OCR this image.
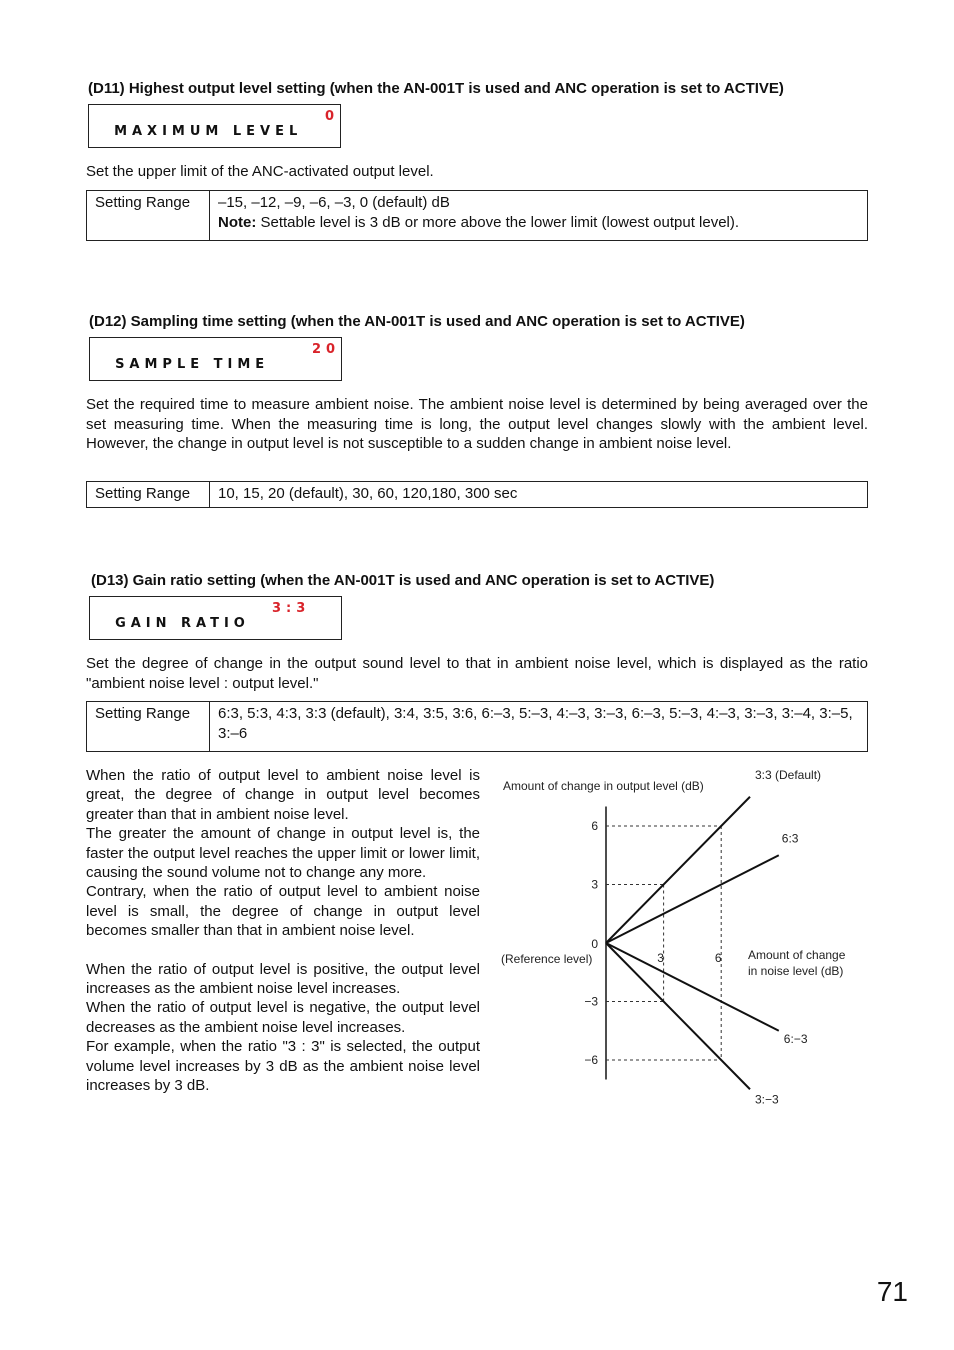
(D11) Highest output level setting (when the AN-001T is used and ANC operation is set to ACTIVE)

MAXIMUM LEVEL

0

Set the upper limit of the ANC-activated output level.
Setting Range	–15, –12, –9, –6, –3, 0 (default) dB
Note: Settable level is 3 dB or more above the lower limit (lowest output level).
(D12) Sampling time setting (when the AN-001T is used and ANC operation is set to ACTIVE)

SAMPLE TIME

20

Set the required time to measure ambient noise. The ambient noise level is determined by being averaged over the set measuring time. When the measuring time is long, the output level changes slowly with the ambient level. However, the change in output level is not susceptible to a sudden change in ambient noise level.
Setting Range	10, 15, 20 (default), 30, 60, 120,180, 300 sec
(D13) Gain ratio setting (when the AN-001T is used and ANC operation is set to ACTIVE)

GAIN RATIO

3:3

Set the degree of change in the output sound level to that in ambient noise level, which is displayed as the ratio "ambient noise level : output level."
Setting Range	6:3, 5:3, 4:3, 3:3 (default), 3:4, 3:5, 3:6, 6:–3, 5:–3, 4:–3, 3:–3, 6:–3, 5:–3, 4:–3, 3:–3, 3:–4, 3:–5, 3:–6
When the ratio of output level to ambient noise level is great, the degree of change in output level becomes greater than that in ambient noise level.
The greater the amount of change in output level is, the faster the output level reaches the upper limit or lower limit, causing the sound volume not to change any more.
Contrary, when the ratio of output level to ambient noise level is small, the degree of change in output level becomes smaller than that in ambient noise level.
When the ratio of output level is positive, the output level increases as the ambient noise level increases.
When the ratio of output level is negative, the output level decreases as the ambient noise level increases.
For example, when the ratio "3 : 3" is selected, the output volume level increases by 3 dB as the ambient noise level increases by 3 dB.
Amount of change in output level (dB)
Amount of change
in noise level (dB)
0
(Reference level)
6
3
−3
−6
3	6
3:3 (Default)
6:3
6:−3
3:−3
71
